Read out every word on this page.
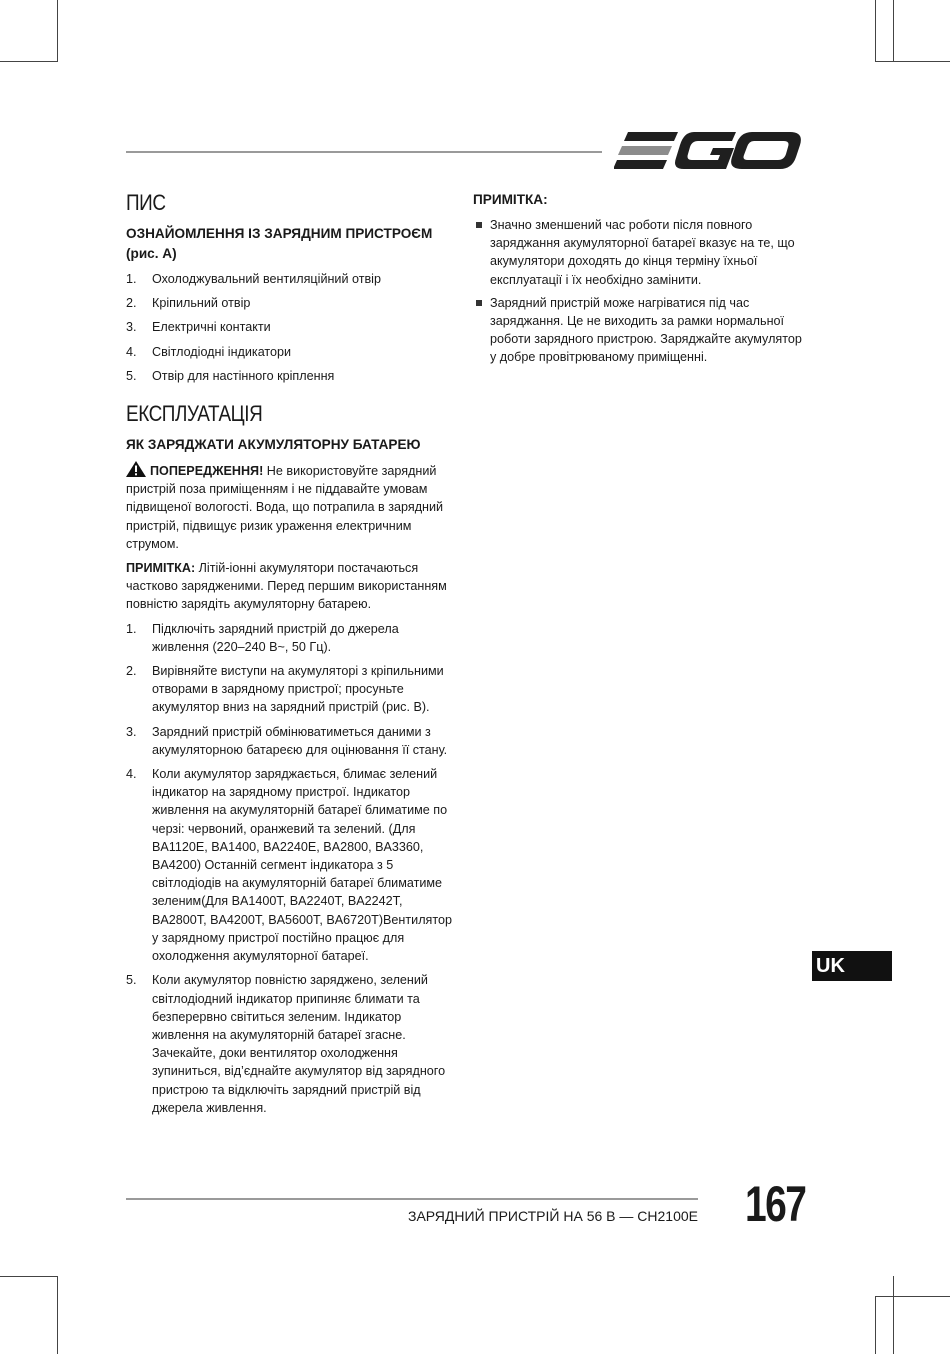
ПИС
ОЗНАЙОМЛЕННЯ ІЗ ЗАРЯДНИМ ПРИСТРОЄМ (рис. A)
1. Охолоджувальний вентиляційний отвір
2. Кріпильний отвір
3. Електричні контакти
4. Світлодіодні індикатори
5. Отвір для настінного кріплення
ЕКСПЛУАТАЦІЯ
ЯК ЗАРЯДЖАТИ АКУМУЛЯТОРНУ БАТАРЕЮ

ПОПЕРЕДЖЕННЯ! Не використовуйте зарядний пристрій поза приміщенням і не піддавайте умовам підвищеної вологості. Вода, що потрапила в зарядний пристрій, підвищує ризик ураження електричним струмом.

ПРИМІТКА: Літій-іонні акумулятори постачаються частково зарядженими. Перед першим використанням повністю зарядіть акумуляторну батарею.

1. Підключіть зарядний пристрій до джерела живлення (220–240 В~, 50 Гц).
2. Вирівняйте виступи на акумуляторі з кріпильними отворами в зарядному пристрої; просуньте акумулятор вниз на зарядний пристрій (рис. B).
3. Зарядний пристрій обмінюватиметься даними з акумуляторною батареєю для оцінювання її стану.
4. Коли акумулятор заряджається, блимає зелений індикатор на зарядному пристрої. Індикатор живлення на акумуляторній батареї блиматиме по черзі: червоний, оранжевий та зелений. (Для BA1120E, BA1400, BA2240E, BA2800, BA3360, BA4200) Останній сегмент індикатора з 5 світлодіодів на акумуляторній батареї блиматиме зеленим(Для BA1400T, BA2240T, BA2242T, BA2800T, BA4200T, BA5600T, BA6720T)Вентилятор у зарядному пристрої постійно працює для охолодження акумуляторної батареї.
5. Коли акумулятор повністю заряджено, зелений світлодіодний індикатор припиняє блимати та безперервно світиться зеленим. Індикатор живлення на акумуляторній батареї згасне. Зачекайте, доки вентилятор охолодження зупиниться, від’єднайте акумулятор від зарядного пристрою та відключіть зарядний пристрій від джерела живлення.
ПРИМІТКА:
Значно зменшений час роботи після повного заряджання акумуляторної батареї вказує на те, що акумулятори доходять до кінця терміну їхньої експлуатації і їх необхідно замінити.
Зарядний пристрій може нагріватися під час заряджання. Це не виходить за рамки нормальної роботи зарядного пристрою. Заряджайте акумулятор у добре провітрюваному приміщенні.
UK
ЗАРЯДНИЙ ПРИСТРІЙ НА 56 В — CH2100E 167
